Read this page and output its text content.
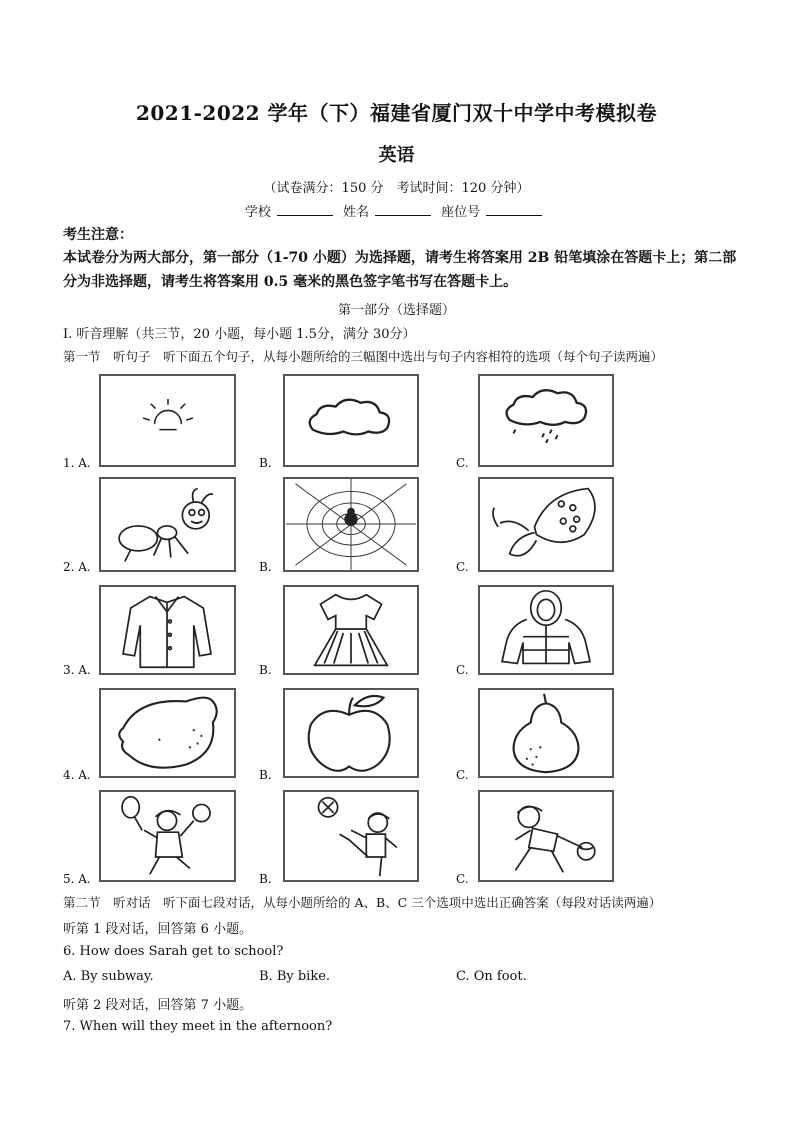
2021-2022 学年（下）福建省厦门双十中学中考模拟卷
英语
（试卷满分：150 分　考试时间：120 分钟）
学校	姓名	座位号
考生注意：
本试卷分为两大部分，第一部分（1-70 小题）为选择题，请考生将答案用 2B 铅笔填涂在答题卡上；第二部分为非选择题，请考生将答案用 0.5 毫米的黑色签字笔书写在答题卡上。
第一部分（选择题）
I. 听音理解（共三节，20 小题，每小题 1.5分，满分 30分）
第一节　听句子　听下面五个句子，从每小题所给的三幅图中选出与句子内容相符的选项（每个句子读两遍）
1. A.	B.	C.
2. A.	B.	C.
3. A.	B.	C.
4. A.	B.	C.
5. A.	B.	C.
第二节　听对话　听下面七段对话，从每小题所给的 A、B、C 三个选项中选出正确答案（每段对话读两遍）
听第 1 段对话，回答第 6 小题。
6. How does Sarah get to school?
A. By subway.	B. By bike.	C. On foot.
听第 2 段对话，回答第 7 小题。
7. When will they meet in the afternoon?
